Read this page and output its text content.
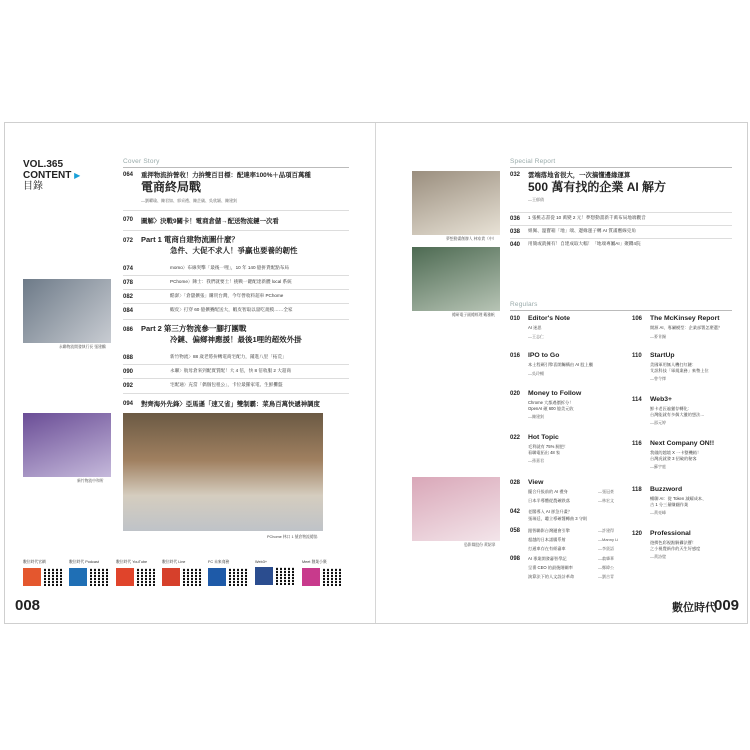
VOL.365
CONTENT ▶
目錄
Cover Story
064 重押物流拚營收！力拚雙百目標：配達率100%＋品項百萬種
電商終局戰
—劉曜瑜、陳君如、郭采禮、陳芷儀、吳欣穎、陳建釗
070 圖解〉決戰9關卡！電商倉儲→配送物流鏈一次看
072 Part 1 電商自建物流圖什麼？
急件、大促不求人！爭贏也要養的韌性
074	momo〉布線突擊「最後一哩」，10 年 140 億拼貨配點布局
078	PChome〉陳士：我們就要土！挑戰一鍵配達新體 local 系統
082	酷澎〉「倉儲擴張」購買台灣，今年營收料超車 PChome
084	蝦皮〉打穿 60 億擴賽配送大，蝦皮智取以量吃規模……全家
086 Part 2 第三方物流參一腳打團戰
冷鏈、偏鄉神應援！最後1哩的超效外掛
088	新竹物流〉88 歲老將拚轉電商宅配力，鋪進八里「拓荒」
090	永聯〉航母倉來到配實質配！大 4 倍，快 8 倍收服 2 大超商
092	宅配通〉充當「偶個包租公」，卡位最羅家電、生鮮攤盤
094 對齊海外先鋒〉亞馬遜「速又省」雙制霸：菜鳥百萬快遞神調度
永聯物流開發執行長 張建鵬
新竹物流中和所
PChome 林口 1 號倉物流總協
數位時代官網	數位時代 Podcast	數位時代 YouTube	數位時代 Line	FC 未來商務	Web3+	Meet 創業小聚
008
Special Report
夢想動畫創辦人 林家貴（中）
032 雲端落地省很大，一次搞懂邊緣運算
500 萬有找的企業 AI 解方
—王郁倩
036 1 張桃志書從 10 萬變 2 元！夢想動畫新千萬布局地端觀音
038 姐佩、溫寶箱「地」端、邊緣運子轉 AI 質滿應線克角
040 用簡或就擁有！自建成取大幅！「地端專屬AI」聚鑽4院
總研電子副總經理 戴雅帆
Regulars
010 Editor's Note
AI 迷思
—王志仁
016 IPO to Go
本土程碼引擎喜開觸構由 AI 股上櫃
—吳玲暢
020 Money to Follow
Chrome 大都遇價拆分！
OpenAI 砸 600 億美元收
—陳建釗
022 Hot Topic
毛利就有 75% 腿把！
看聯電拓出 48 家
—孫嘉君
106 The McKinsey Report
開源 AI、專屬模型：企業部署怎麼選？
—麥肯錫
110 StartUp
美國軍用無人機打紅鏈：
艾訊科技「軍規業務」來勢上位
—曾令懌
114 Web3+
鮮卡老匠遍獵存轉化：
台灣能就有多偶大獵的想法…
—邵元婷
116 Next Company ON!!
我做的越境 X 一卡整機箱！
台灣虎就發 3 招破的秘客
—蘇宇庭
118 Buzzword
暢聊 AI：從 Token 減耀成本、
古 1 分三量賺翻作業
—黃亮峰
120 Professional
遊擠色彩視點解攝法寶！
之小視覺新作的天生好感度
—黃詩璧
恐影媒股份 黃紹寧
028 View
擺合升級前的 AI 禮身	—張冠豪
日本半導體從農確跌落	—林宏文
042 老闆導入 AI 卻急升畫？
張瑞廷，聰立導確饕轉曲 3 守則
058 跟智聯影台灣邊會引擎	—許建得
超越的日本諾腸系射	—Manny Li
打通車存在有經審車	—李贤語
098 AI 專業開發審智學記	—翁肇華
呈番 CEO 的最後階關率	—鄭緯公
演算法下的人文設計革命	—劉吉青
數位時代
009
